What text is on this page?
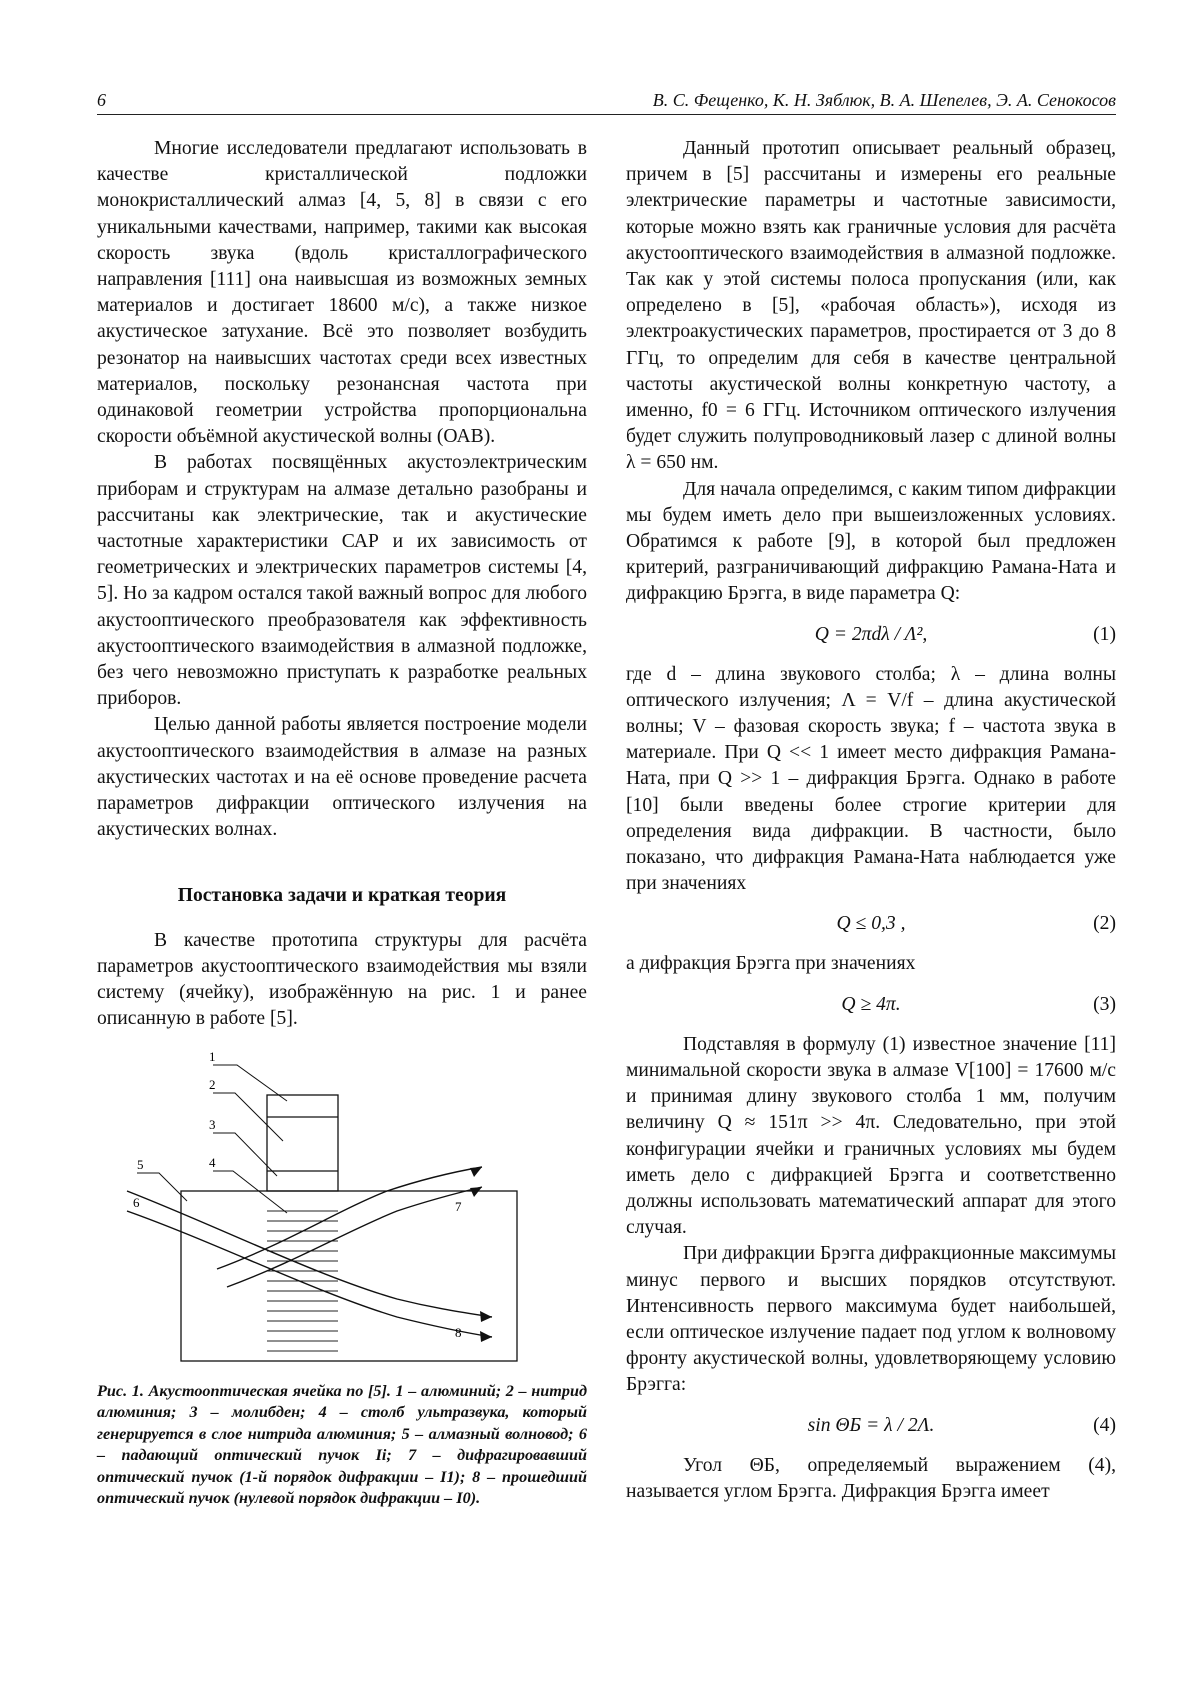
6	В. С. Фещенко, К. Н. Зяблюк, В. А. Шепелев, Э. А. Сенокосов

Многие исследователи предлагают использовать в качестве кристаллической подложки монокристаллический алмаз [4, 5, 8] в связи с его уникальными качествами, например, такими как высокая скорость звука (вдоль кристаллографического направления [111] она наивысшая из возможных земных материалов и достигает 18600 м/с), а также низкое акустическое затухание. Всё это позволяет возбудить резонатор на наивысших частотах среди всех известных материалов, поскольку резонансная частота при одинаковой геометрии устройства пропорциональна скорости объёмной акустической волны (ОАВ).

В работах посвящённых акустоэлектрическим приборам и структурам на алмазе детально разобраны и рассчитаны как электрические, так и акустические частотные характеристики САР и их зависимость от геометрических и электрических параметров системы [4, 5]. Но за кадром остался такой важный вопрос для любого акустооптического преобразователя как эффективность акустооптического взаимодействия в алмазной подложке, без чего невозможно приступать к разработке реальных приборов.

Целью данной работы является построение модели акустооптического взаимодействия в алмазе на разных акустических частотах и на её основе проведение расчета параметров дифракции оптического излучения на акустических волнах.

Постановка задачи и краткая теория

В качестве прототипа структуры для расчёта параметров акустооптического взаимодействия мы взяли систему (ячейку), изображённую на рис. 1 и ранее описанную в работе [5].

1
2
3
4
5
6	7
8

Рис. 1. Акустооптическая ячейка по [5]. 1 – алюминий; 2 – нитрид алюминия; 3 – молибден; 4 – столб ультразвука, который генерируется в слое нитрида алюминия; 5 – алмазный волновод; 6 – падающий оптический пучок Ii; 7 – дифрагировавший оптический пучок (1-й порядок дифракции – I1); 8 – прошедший оптический пучок (нулевой порядок дифракции – I0).

Данный прототип описывает реальный образец, причем в [5] рассчитаны и измерены его реальные электрические параметры и частотные зависимости, которые можно взять как граничные условия для расчёта акустооптического взаимодействия в алмазной подложке. Так как у этой системы полоса пропускания (или, как определено в [5], «рабочая область»), исходя из электроакустических параметров, простирается от 3 до 8 ГГц, то определим для себя в качестве центральной частоты акустической волны конкретную частоту, а именно, f0 = 6 ГГц. Источником оптического излучения будет служить полупроводниковый лазер с длиной волны λ = 650 нм.

Для начала определимся, с каким типом дифракции мы будем иметь дело при вышеизложенных условиях. Обратимся к работе [9], в которой был предложен критерий, разграничивающий дифракцию Рамана-Ната и дифракцию Брэгга, в виде параметра Q:

Q = 2πdλ / Λ²,	(1)

где d – длина звукового столба; λ – длина волны оптического излучения; Λ = V/f – длина акустической волны; V – фазовая скорость звука; f – частота звука в материале. При Q << 1 имеет место дифракция Рамана-Ната, при Q >> 1 – дифракция Брэгга. Однако в работе [10] были введены более строгие критерии для определения вида дифракции. В частности, было показано, что дифракция Рамана-Ната наблюдается уже при значениях

Q ≤ 0,3 ,	(2)

а дифракция Брэгга при значениях

Q ≥ 4π.	(3)

Подставляя в формулу (1) известное значение [11] минимальной скорости звука в алмазе V[100] = 17600 м/с и принимая длину звукового столба 1 мм, получим величину Q ≈ 151π >> 4π. Следовательно, при этой конфигурации ячейки и граничных условиях мы будем иметь дело с дифракцией Брэгга и соответственно должны использовать математический аппарат для этого случая.

При дифракции Брэгга дифракционные максимумы минус первого и высших порядков отсутствуют. Интенсивность первого максимума будет наибольшей, если оптическое излучение падает под углом к волновому фронту акустической волны, удовлетворяющему условию Брэгга:

sin ΘБ = λ / 2Λ.	(4)

Угол ΘБ, определяемый выражением (4), называется углом Брэгга. Дифракция Брэгга имеет
